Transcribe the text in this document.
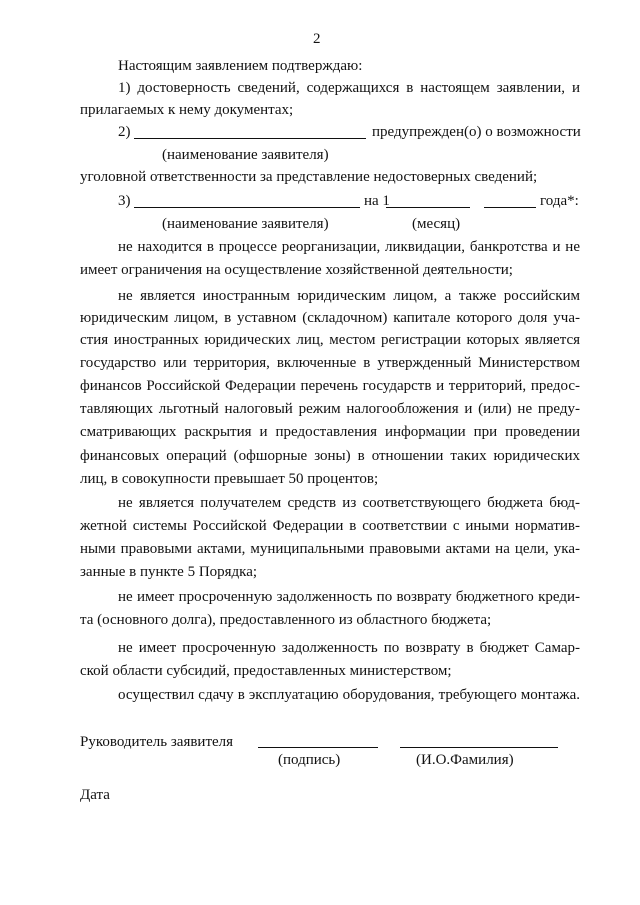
2
Настоящим заявлением подтверждаю:
1) достоверность сведений, содержащихся в настоящем заявлении, и
прилагаемых к нему документах;
2)	предупрежден(о) о возможности
(наименование заявителя)
уголовной ответственности за представление недостоверных сведений;
3)	на 1	года*:
(наименование заявителя)	(месяц)
не находится в процессе реорганизации, ликвидации, банкротства и не
имеет ограничения на осуществление хозяйственной деятельности;
не является иностранным юридическим лицом, а также российским
юридическим лицом, в уставном (складочном) капитале которого доля уча-
стия иностранных юридических лиц, местом регистрации которых является
государство или территория, включенные в утвержденный Министерством
финансов Российской Федерации перечень государств и территорий, предос-
тавляющих льготный налоговый режим налогообложения и (или) не преду-
сматривающих раскрытия и предоставления информации при проведении
финансовых операций (офшорные зоны) в отношении таких юридических
лиц, в совокупности превышает 50 процентов;
не является получателем средств из соответствующего бюджета бюд-
жетной системы Российской Федерации в соответствии с иными норматив-
ными правовыми актами, муниципальными правовыми актами на цели, ука-
занные в пункте 5 Порядка;
не имеет просроченную задолженность по возврату бюджетного креди-
та (основного долга), предоставленного из областного бюджета;
не имеет просроченную задолженность по возврату в бюджет Самар-
ской области субсидий, предоставленных министерством;
осуществил сдачу в эксплуатацию оборудования, требующего монтажа.
Руководитель заявителя
(подпись)	(И.О.Фамилия)
Дата
